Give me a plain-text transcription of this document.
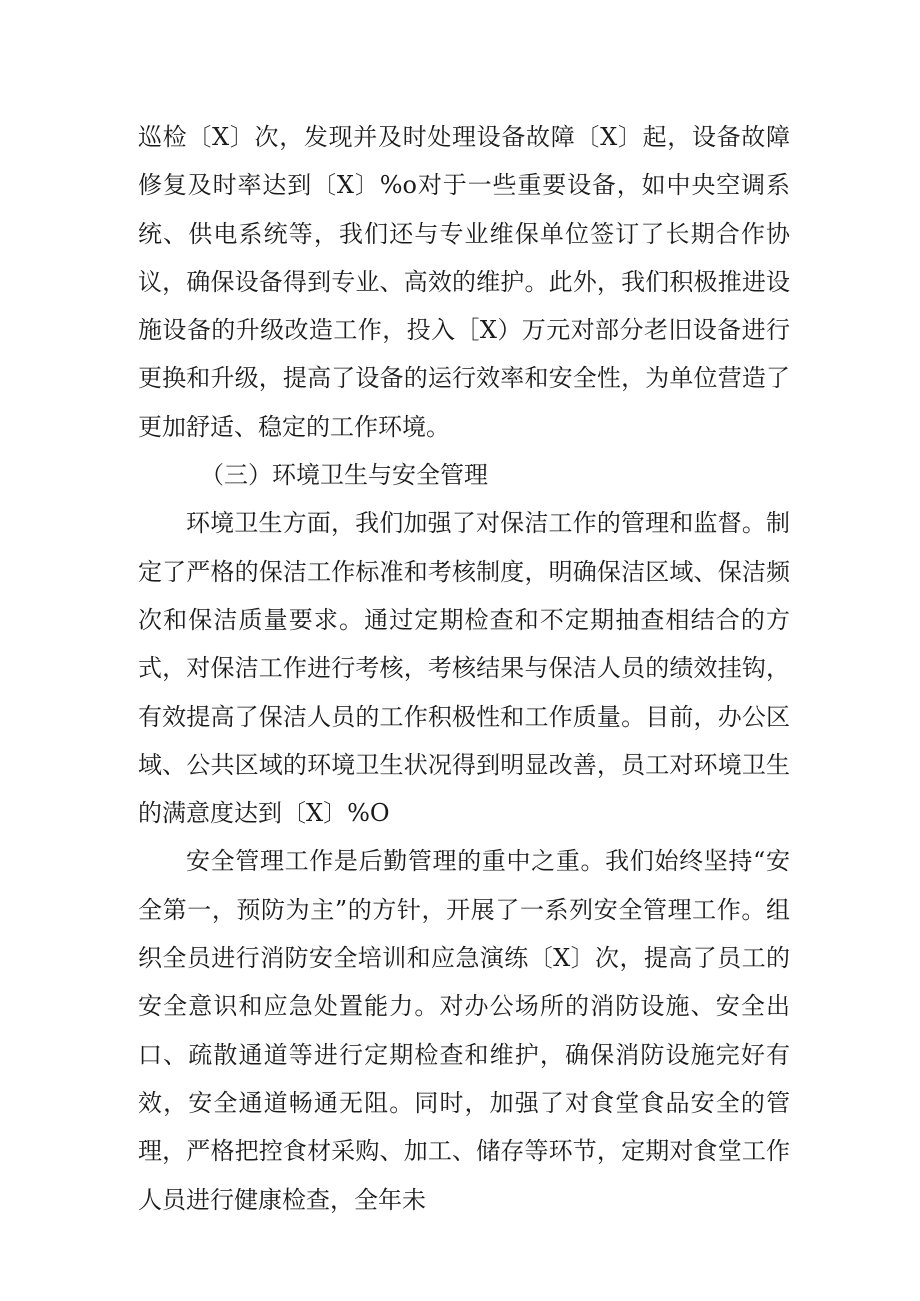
巡检〔X〕次，发现并及时处理设备故障〔X〕起，设备故障修复及时率达到〔X〕%o对于一些重要设备，如中央空调系统、供电系统等，我们还与专业维保单位签订了长期合作协议，确保设备得到专业、高效的维护。此外，我们积极推进设施设备的升级改造工作，投入［X）万元对部分老旧设备进行更换和升级，提高了设备的运行效率和安全性，为单位营造了更加舒适、稳定的工作环境。

（三）环境卫生与安全管理

环境卫生方面，我们加强了对保洁工作的管理和监督。制定了严格的保洁工作标准和考核制度，明确保洁区域、保洁频次和保洁质量要求。通过定期检查和不定期抽查相结合的方式，对保洁工作进行考核，考核结果与保洁人员的绩效挂钩，有效提高了保洁人员的工作积极性和工作质量。目前，办公区域、公共区域的环境卫生状况得到明显改善，员工对环境卫生的满意度达到〔X〕%O

安全管理工作是后勤管理的重中之重。我们始终坚持“安全第一，预防为主”的方针，开展了一系列安全管理工作。组织全员进行消防安全培训和应急演练〔X〕次，提高了员工的安全意识和应急处置能力。对办公场所的消防设施、安全出口、疏散通道等进行定期检查和维护，确保消防设施完好有效，安全通道畅通无阻。同时，加强了对食堂食品安全的管理，严格把控食材采购、加工、储存等环节，定期对食堂工作人员进行健康检查，全年未
